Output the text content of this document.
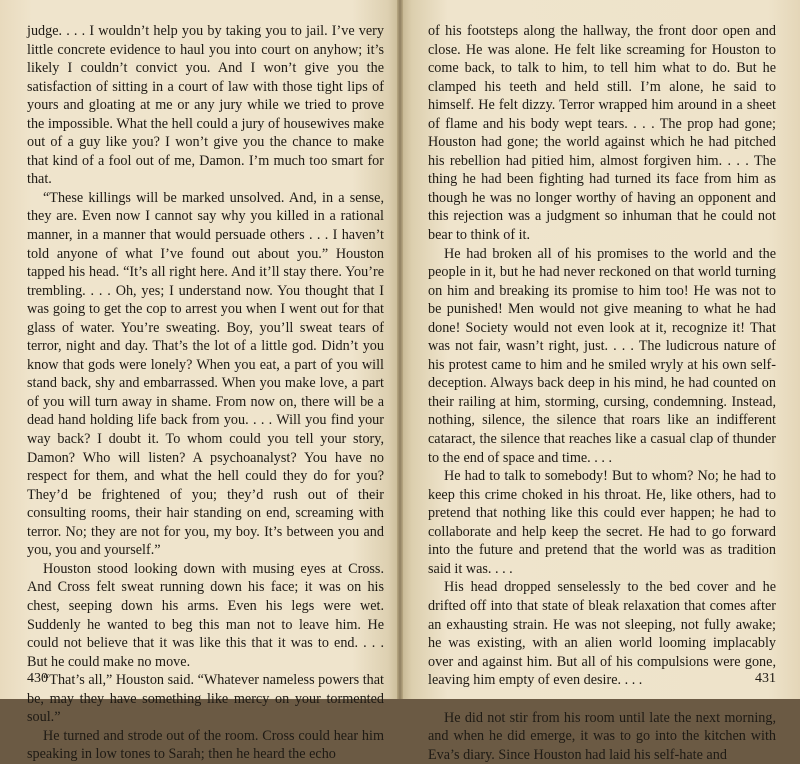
judge. . . . I wouldn’t help you by taking you to jail. I’ve very little concrete evidence to haul you into court on anyhow; it’s likely I couldn’t convict you. And I won’t give you the satisfaction of sitting in a court of law with those tight lips of yours and gloating at me or any jury while we tried to prove the impossible. What the hell could a jury of housewives make out of a guy like you? I won’t give you the chance to make that kind of a fool out of me, Damon. I’m much too smart for that.

“These killings will be marked unsolved. And, in a sense, they are. Even now I cannot say why you killed in a rational manner, in a manner that would persuade others . . . I haven’t told anyone of what I’ve found out about you.” Houston tapped his head. “It’s all right here. And it’ll stay there. You’re trembling. . . . Oh, yes; I understand now. You thought that I was going to get the cop to arrest you when I went out for that glass of water. You’re sweating. Boy, you’ll sweat tears of terror, night and day. That’s the lot of a little god. Didn’t you know that gods were lonely? When you eat, a part of you will stand back, shy and embarrassed. When you make love, a part of you will turn away in shame. From now on, there will be a dead hand holding life back from you. . . . Will you find your way back? I doubt it. To whom could you tell your story, Damon? Who will listen? A psychoanalyst? You have no respect for them, and what the hell could they do for you? They’d be frightened of you; they’d rush out of their consulting rooms, their hair standing on end, screaming with terror. No; they are not for you, my boy. It’s between you and you, you and yourself.”

Houston stood looking down with musing eyes at Cross. And Cross felt sweat running down his face; it was on his chest, seeping down his arms. Even his legs were wet. Suddenly he wanted to beg this man not to leave him. He could not believe that it was like this that it was to end. . . . But he could make no move.

“That’s all,” Houston said. “Whatever nameless powers that be, may they have something like mercy on your tormented soul.”

He turned and strode out of the room. Cross could hear him speaking in low tones to Sarah; then he heard the echo

430

of his footsteps along the hallway, the front door open and close. He was alone. He felt like screaming for Houston to come back, to talk to him, to tell him what to do. But he clamped his teeth and held still. I’m alone, he said to himself. He felt dizzy. Terror wrapped him around in a sheet of flame and his body wept tears. . . . The prop had gone; Houston had gone; the world against which he had pitched his rebellion had pitied him, almost forgiven him. . . . The thing he had been fighting had turned its face from him as though he was no longer worthy of having an opponent and this rejection was a judgment so inhuman that he could not bear to think of it.

He had broken all of his promises to the world and the people in it, but he had never reckoned on that world turning on him and breaking its promise to him too! He was not to be punished! Men would not give meaning to what he had done! Society would not even look at it, recognize it! That was not fair, wasn’t right, just. . . . The ludicrous nature of his protest came to him and he smiled wryly at his own self-deception. Always back deep in his mind, he had counted on their railing at him, storming, cursing, condemning. Instead, nothing, silence, the silence that roars like an indifferent cataract, the silence that reaches like a casual clap of thunder to the end of space and time. . . .

He had to talk to somebody! But to whom? No; he had to keep this crime choked in his throat. He, like others, had to pretend that nothing like this could ever happen; he had to collaborate and help keep the secret. He had to go forward into the future and pretend that the world was as tradition said it was. . . .

His head dropped senselessly to the bed cover and he drifted off into that state of bleak relaxation that comes after an exhausting strain. He was not sleeping, not fully awake; he was existing, with an alien world looming implacably over and against him. But all of his compulsions were gone, leaving him empty of even desire. . . .

He did not stir from his room until late the next morning, and when he did emerge, it was to go into the kitchen with Eva’s diary. Since Houston had laid his self-hate and

431
